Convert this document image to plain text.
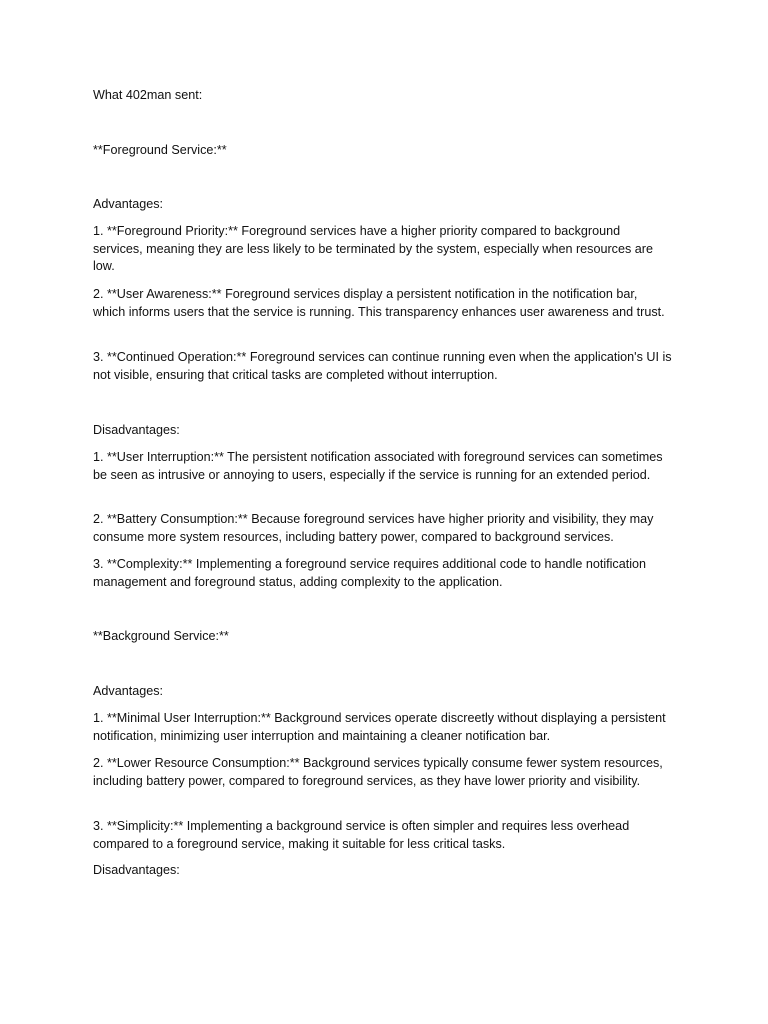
What 402man sent:
**Foreground Service:**
Advantages:
1. **Foreground Priority:** Foreground services have a higher priority compared to background services, meaning they are less likely to be terminated by the system, especially when resources are low.
2. **User Awareness:** Foreground services display a persistent notification in the notification bar, which informs users that the service is running. This transparency enhances user awareness and trust.
3. **Continued Operation:** Foreground services can continue running even when the application's UI is not visible, ensuring that critical tasks are completed without interruption.
Disadvantages:
1. **User Interruption:** The persistent notification associated with foreground services can sometimes be seen as intrusive or annoying to users, especially if the service is running for an extended period.
2. **Battery Consumption:** Because foreground services have higher priority and visibility, they may consume more system resources, including battery power, compared to background services.
3. **Complexity:** Implementing a foreground service requires additional code to handle notification management and foreground status, adding complexity to the application.
**Background Service:**
Advantages:
1. **Minimal User Interruption:** Background services operate discreetly without displaying a persistent notification, minimizing user interruption and maintaining a cleaner notification bar.
2. **Lower Resource Consumption:** Background services typically consume fewer system resources, including battery power, compared to foreground services, as they have lower priority and visibility.
3. **Simplicity:** Implementing a background service is often simpler and requires less overhead compared to a foreground service, making it suitable for less critical tasks.
Disadvantages:
